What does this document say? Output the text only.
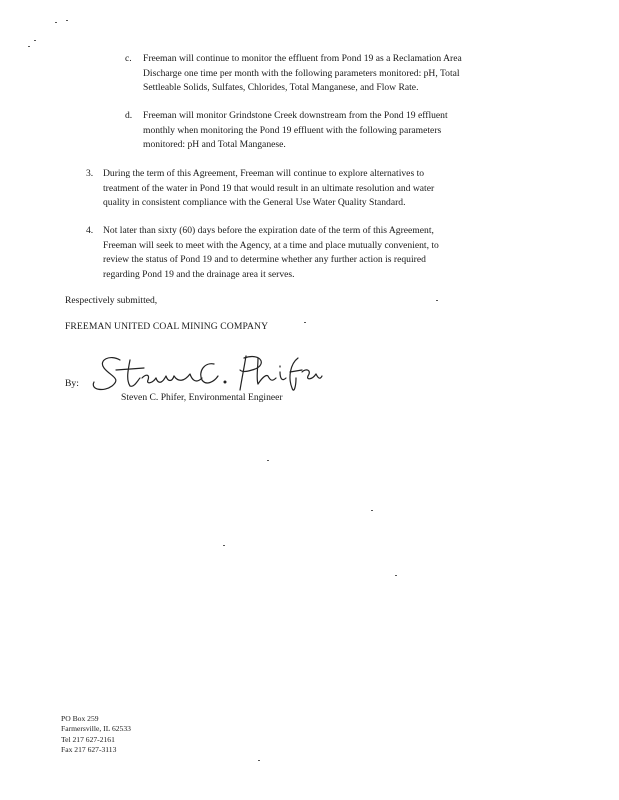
c. Freeman will continue to monitor the effluent from Pond 19 as a Reclamation Area
Discharge one time per month with the following parameters monitored: pH, Total
Settleable Solids, Sulfates, Chlorides, Total Manganese, and Flow Rate.
d. Freeman will monitor Grindstone Creek downstream from the Pond 19 effluent
monthly when monitoring the Pond 19 effluent with the following parameters
monitored: pH and Total Manganese.
3. During the term of this Agreement, Freeman will continue to explore alternatives to
treatment of the water in Pond 19 that would result in an ultimate resolution and water
quality in consistent compliance with the General Use Water Quality Standard.
4. Not later than sixty (60) days before the expiration date of the term of this Agreement,
Freeman will seek to meet with the Agency, at a time and place mutually convenient, to
review the status of Pond 19 and to determine whether any further action is required
regarding Pond 19 and the drainage area it serves.
Respectively submitted,
FREEMAN UNITED COAL MINING COMPANY
By:
Steven C. Phifer, Environmental Engineer
PO Box 259
Farmersville, IL 62533
Tel 217 627-2161
Fax 217 627-3113
